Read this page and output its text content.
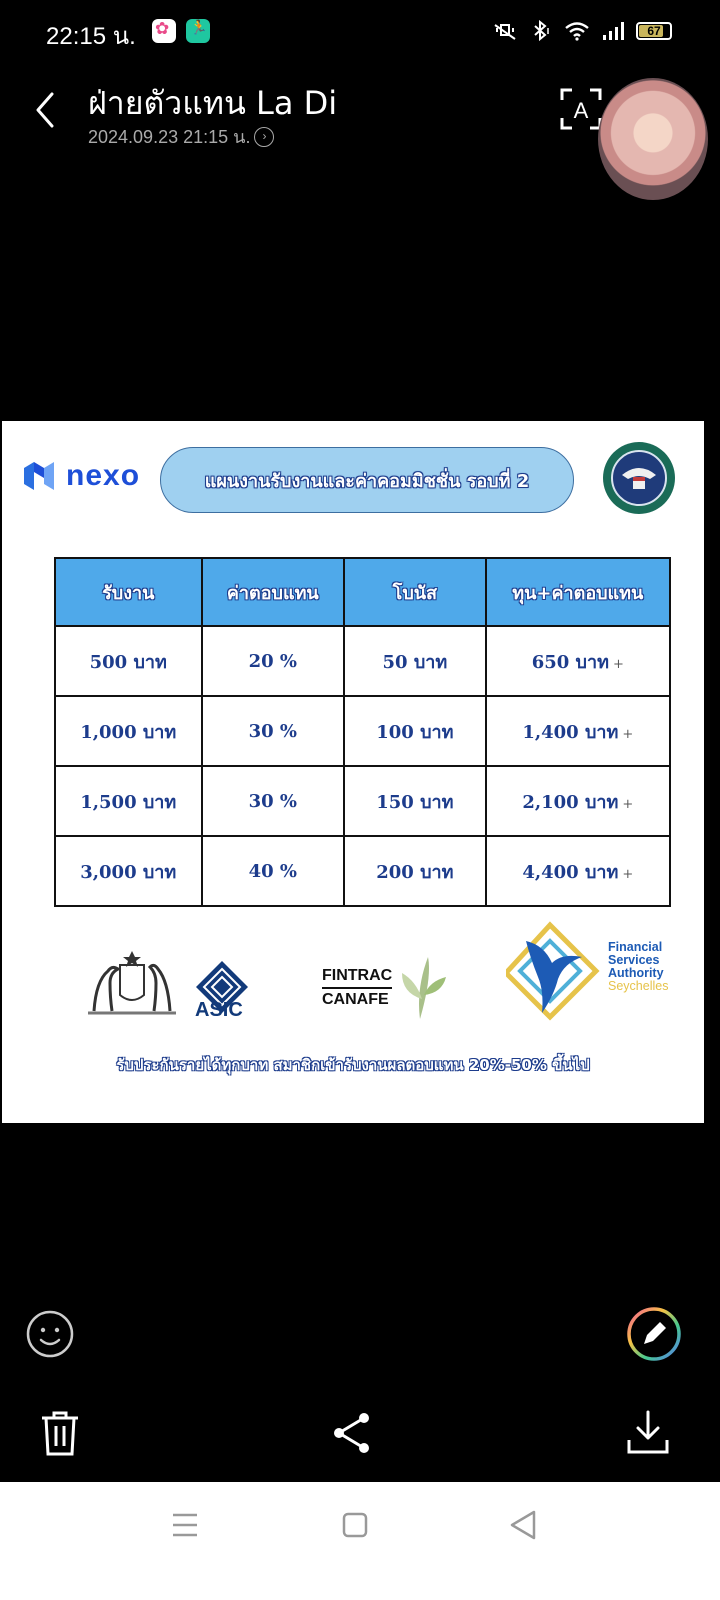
22:15 น. ✿ 🏃	67
ฝ่ายตัวแทน La Di
2024.09.23 21:15 น.	›
A
nexo	แผนงานรับงานและค่าคอมมิชชั่น รอบที่ 2
รับงาน	ค่าตอบแทน	โบนัส	ทุน+ค่าตอบแทน
500 บาท	20 %	50 บาท	650 บาท +
1,000 บาท	30 %	100 บาท	1,400 บาท +
1,500 บาท	30 %	150 บาท	2,100 บาท +
3,000 บาท	40 %	200 บาท	4,400 บาท +
ASIC
FINTRAC
CANAFE
Financial
Services
Authority
Seychelles
รับประกันรายได้ทุกบาท สมาชิกเข้ารับงานผลตอบแทน 20%-50% ขึ้นไป
